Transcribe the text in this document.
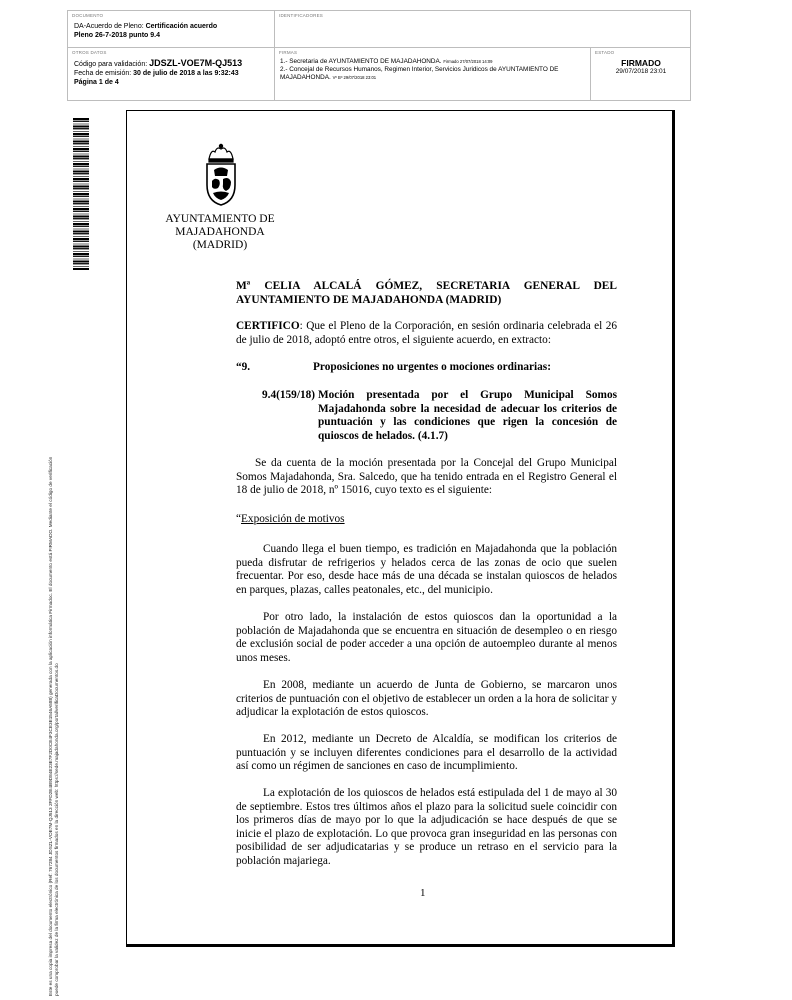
DOCUMENTO
DA-Acuerdo de Pleno: Certificación acuerdo
Pleno 26-7-2018 punto 9.4
IDENTIFICADORES
OTROS DATOS
Código para validación: JDSZL-VOE7M-QJ513
Fecha de emisión: 30 de julio de 2018 a las 9:32:43
Página 1 de 4
FIRMAS
1.- Secretaria de AYUNTAMIENTO DE MAJADAHONDA. Firmado 27/07/2018 14:09
2.- Concejal de Recursos Humanos, Regimen Interior, Servicios Juridicos de AYUNTAMIENTO DE MAJADAHONDA. Vº Bº 29/07/2018 23:01
ESTADO
FIRMADO
29/07/2018 23:01
Este es una copia impresa del documento electrónico (Ref: 767284 JDSZL-VOE7M-QJ513 2FFD2E4B9D84E23E7F2D0CE4F3CE3E1546A588) generada con la aplicación informática Firmadoc. El documento está FIRMADO. Mediante el código de verificación puede comprobar la validez de la firma electrónica de los documentos firmados en la dirección web: https://sede.majadahonda.org/portal/verificaDocumentos.do
AYUNTAMIENTO DE
MAJADAHONDA
(MADRID)
Mª CELIA ALCALÁ GÓMEZ, SECRETARIA GENERAL DEL AYUNTAMIENTO DE MAJADAHONDA (MADRID)
CERTIFICO: Que el Pleno de la Corporación, en sesión ordinaria celebrada el 26 de julio de 2018, adoptó entre otros, el siguiente acuerdo, en extracto:
“9.	Proposiciones no urgentes o mociones ordinarias:
9.4(159/18) Moción presentada por el Grupo Municipal Somos Majadahonda sobre la necesidad de adecuar los criterios de puntuación y las condiciones que rigen la concesión de quioscos de helados. (4.1.7)

Se da cuenta de la moción presentada por la Concejal del Grupo Municipal Somos Majadahonda, Sra. Salcedo, que ha tenido entrada en el Registro General el 18 de julio de 2018, nº 15016, cuyo texto es el siguiente:

“Exposición de motivos

Cuando llega el buen tiempo, es tradición en Majadahonda que la población pueda disfrutar de refrigerios y helados cerca de las zonas de ocio que suelen frecuentar. Por eso, desde hace más de una década se instalan quioscos de helados en parques, plazas, calles peatonales, etc., del municipio.

Por otro lado, la instalación de estos quioscos dan la oportunidad a la población de Majadahonda que se encuentra en situación de desempleo o en riesgo de exclusión social de poder acceder a una opción de autoempleo durante al menos unos meses.

En 2008, mediante un acuerdo de Junta de Gobierno, se marcaron unos criterios de puntuación con el objetivo de establecer un orden a la hora de solicitar y adjudicar la explotación de estos quioscos.

En 2012, mediante un Decreto de Alcaldía, se modifican los criterios de puntuación y se incluyen diferentes condiciones para el desarrollo de la actividad así como un régimen de sanciones en caso de incumplimiento.

La explotación de los quioscos de helados está estipulada del 1 de mayo al 30 de septiembre. Estos tres últimos años el plazo para la solicitud suele coincidir con los primeros días de mayo por lo que la adjudicación se hace después de que se inicie el plazo de explotación. Lo que provoca gran inseguridad en las personas con posibilidad de ser adjudicatarias y se produce un retraso en el servicio para la población majariega.

1
